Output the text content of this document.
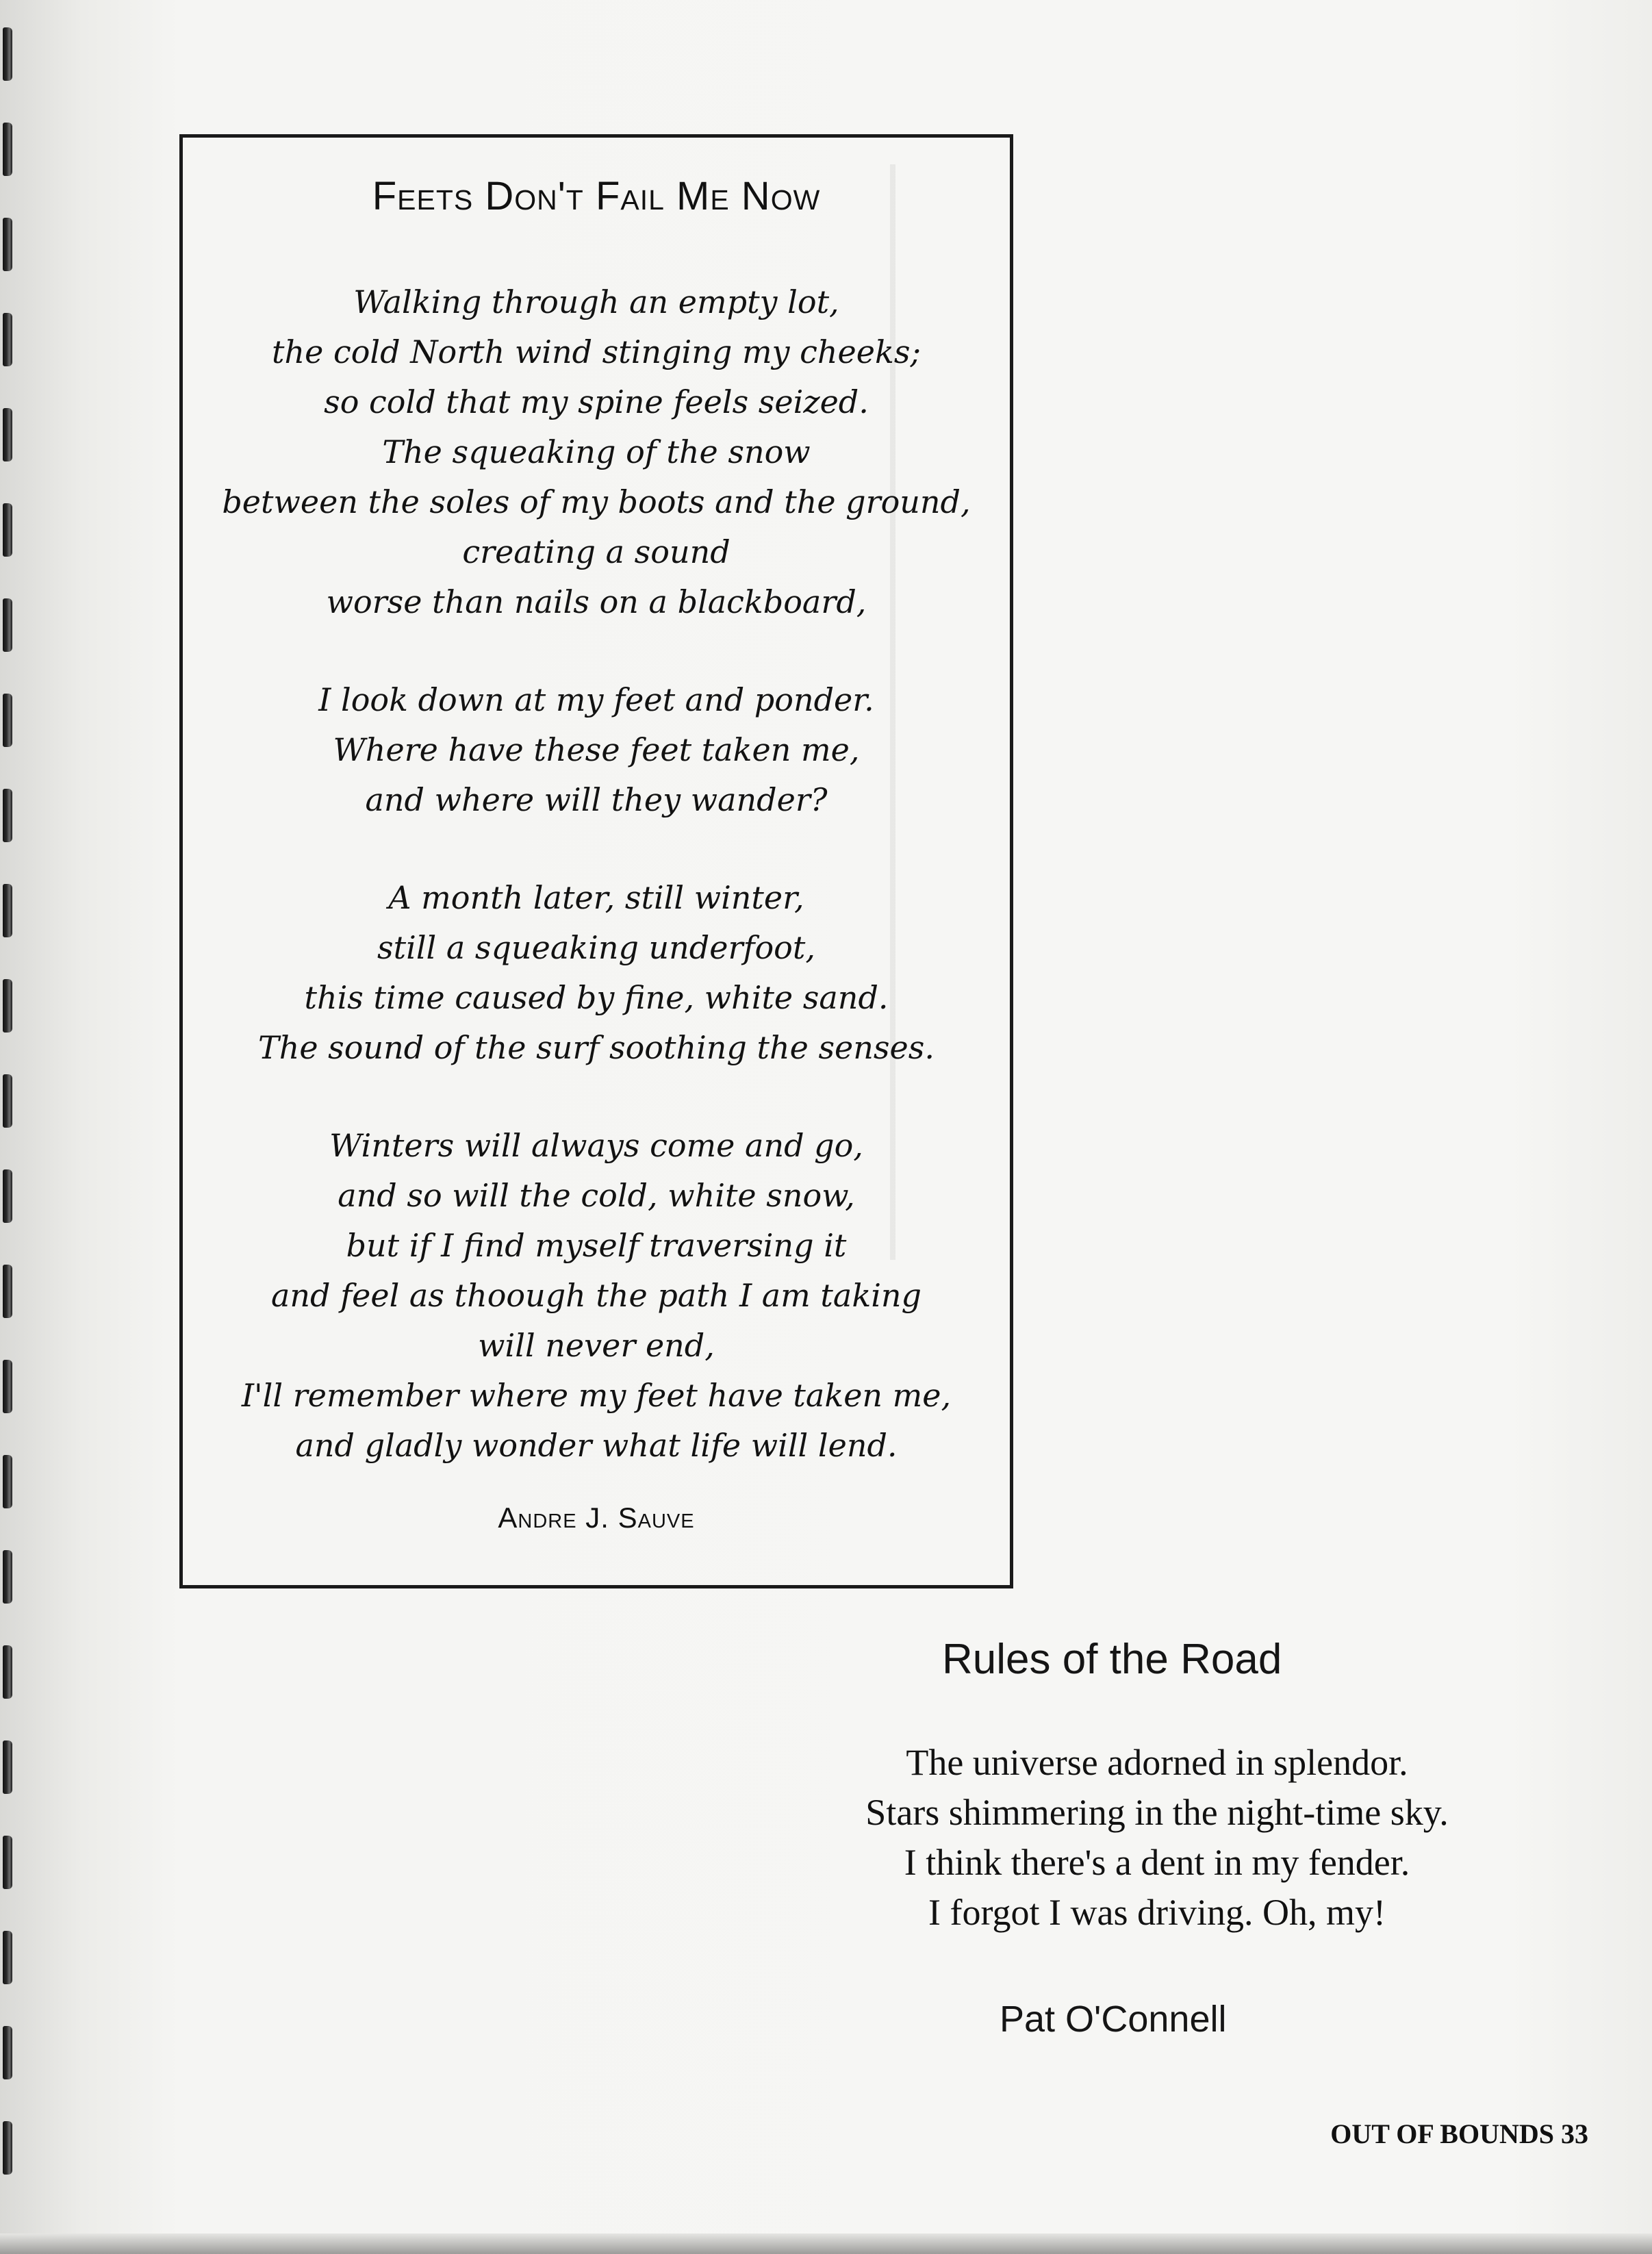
Feets Don't Fail Me Now
Walking through an empty lot,
the cold North wind stinging my cheeks;
so cold that my spine feels seized.
The squeaking of the snow
between the soles of my boots and the ground,
creating a sound
worse than nails on a blackboard,
I look down at my feet and ponder.
Where have these feet taken me,
and where will they wander?
A month later, still winter,
still a squeaking underfoot,
this time caused by fine, white sand.
The sound of the surf soothing the senses.
Winters will always come and go,
and so will the cold, white snow,
but if I find myself traversing it
and feel as thoough the path I am taking
will never end,
I'll remember where my feet have taken me,
and gladly wonder what life will lend.
Andre J. Sauve
Rules of the Road
The universe adorned in splendor.
Stars shimmering in the night-time sky.
I think there's a dent in my fender.
I forgot I was driving. Oh, my!
Pat O'Connell
OUT OF BOUNDS 33
